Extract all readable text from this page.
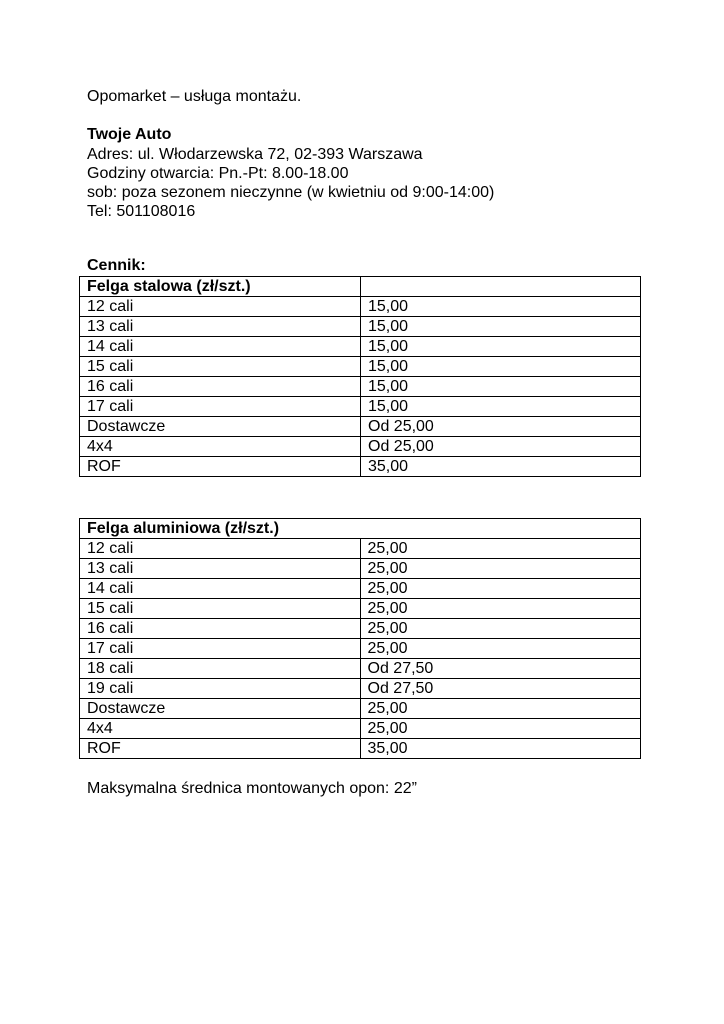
Opomarket – usługa montażu.
Twoje Auto
Adres: ul. Włodarzewska 72, 02-393 Warszawa
Godziny otwarcia: Pn.-Pt: 8.00-18.00
sob: poza sezonem nieczynne (w kwietniu od 9:00-14:00)
Tel: 501108016
Cennik:
Felga stalowa (zł/szt.)	
12 cali	15,00
13 cali	15,00
14 cali	15,00
15 cali	15,00
16 cali	15,00
17 cali	15,00
Dostawcze	Od 25,00
4x4	Od 25,00
ROF	35,00
Felga aluminiowa (zł/szt.)	
12 cali	25,00
13 cali	25,00
14 cali	25,00
15 cali	25,00
16 cali	25,00
17 cali	25,00
18 cali	Od 27,50
19 cali	Od 27,50
Dostawcze	25,00
4x4	25,00
ROF	35,00
Maksymalna średnica montowanych opon: 22”
